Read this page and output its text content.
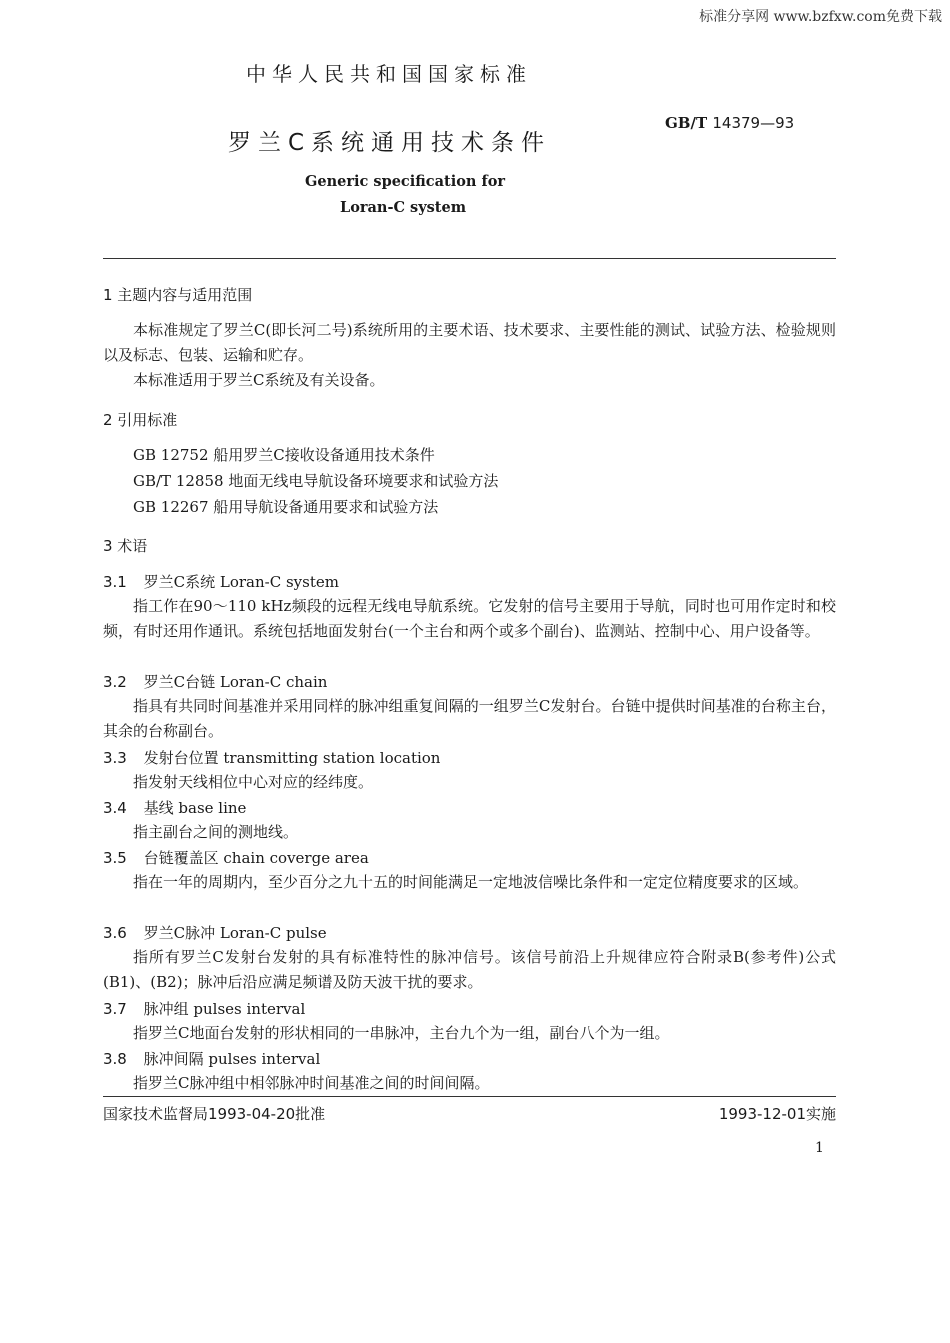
标准分享网 www.bzfxw.com免费下载
中华人民共和国国家标准
GB/T 14379—93
罗兰C系统通用技术条件
Generic specification for
Loran-C system
1 主题内容与适用范围
本标准规定了罗兰C(即长河二号)系统所用的主要术语、技术要求、主要性能的测试、试验方法、检验规则以及标志、包装、运输和贮存。
本标准适用于罗兰C系统及有关设备。
2 引用标准
GB 12752 船用罗兰C接收设备通用技术条件
GB/T 12858 地面无线电导航设备环境要求和试验方法
GB 12267 船用导航设备通用要求和试验方法
3 术语
3.1 罗兰C系统 Loran-C system
指工作在90～110 kHz频段的远程无线电导航系统。它发射的信号主要用于导航，同时也可用作定时和校频，有时还用作通讯。系统包括地面发射台(一个主台和两个或多个副台)、监测站、控制中心、用户设备等。
3.2 罗兰C台链 Loran-C chain
指具有共同时间基准并采用同样的脉冲组重复间隔的一组罗兰C发射台。台链中提供时间基准的台称主台，其余的台称副台。
3.3 发射台位置 transmitting station location
指发射天线相位中心对应的经纬度。
3.4 基线 base line
指主副台之间的测地线。
3.5 台链覆盖区 chain coverge area
指在一年的周期内，至少百分之九十五的时间能满足一定地波信噪比条件和一定定位精度要求的区域。
3.6 罗兰C脉冲 Loran-C pulse
指所有罗兰C发射台发射的具有标准特性的脉冲信号。该信号前沿上升规律应符合附录B(参考件)公式(B1)、(B2)；脉冲后沿应满足频谱及防天波干扰的要求。
3.7 脉冲组 pulses interval
指罗兰C地面台发射的形状相同的一串脉冲，主台九个为一组，副台八个为一组。
3.8 脉冲间隔 pulses interval
指罗兰C脉冲组中相邻脉冲时间基准之间的时间间隔。
国家技术监督局1993-04-20批准	1993-12-01实施
1
